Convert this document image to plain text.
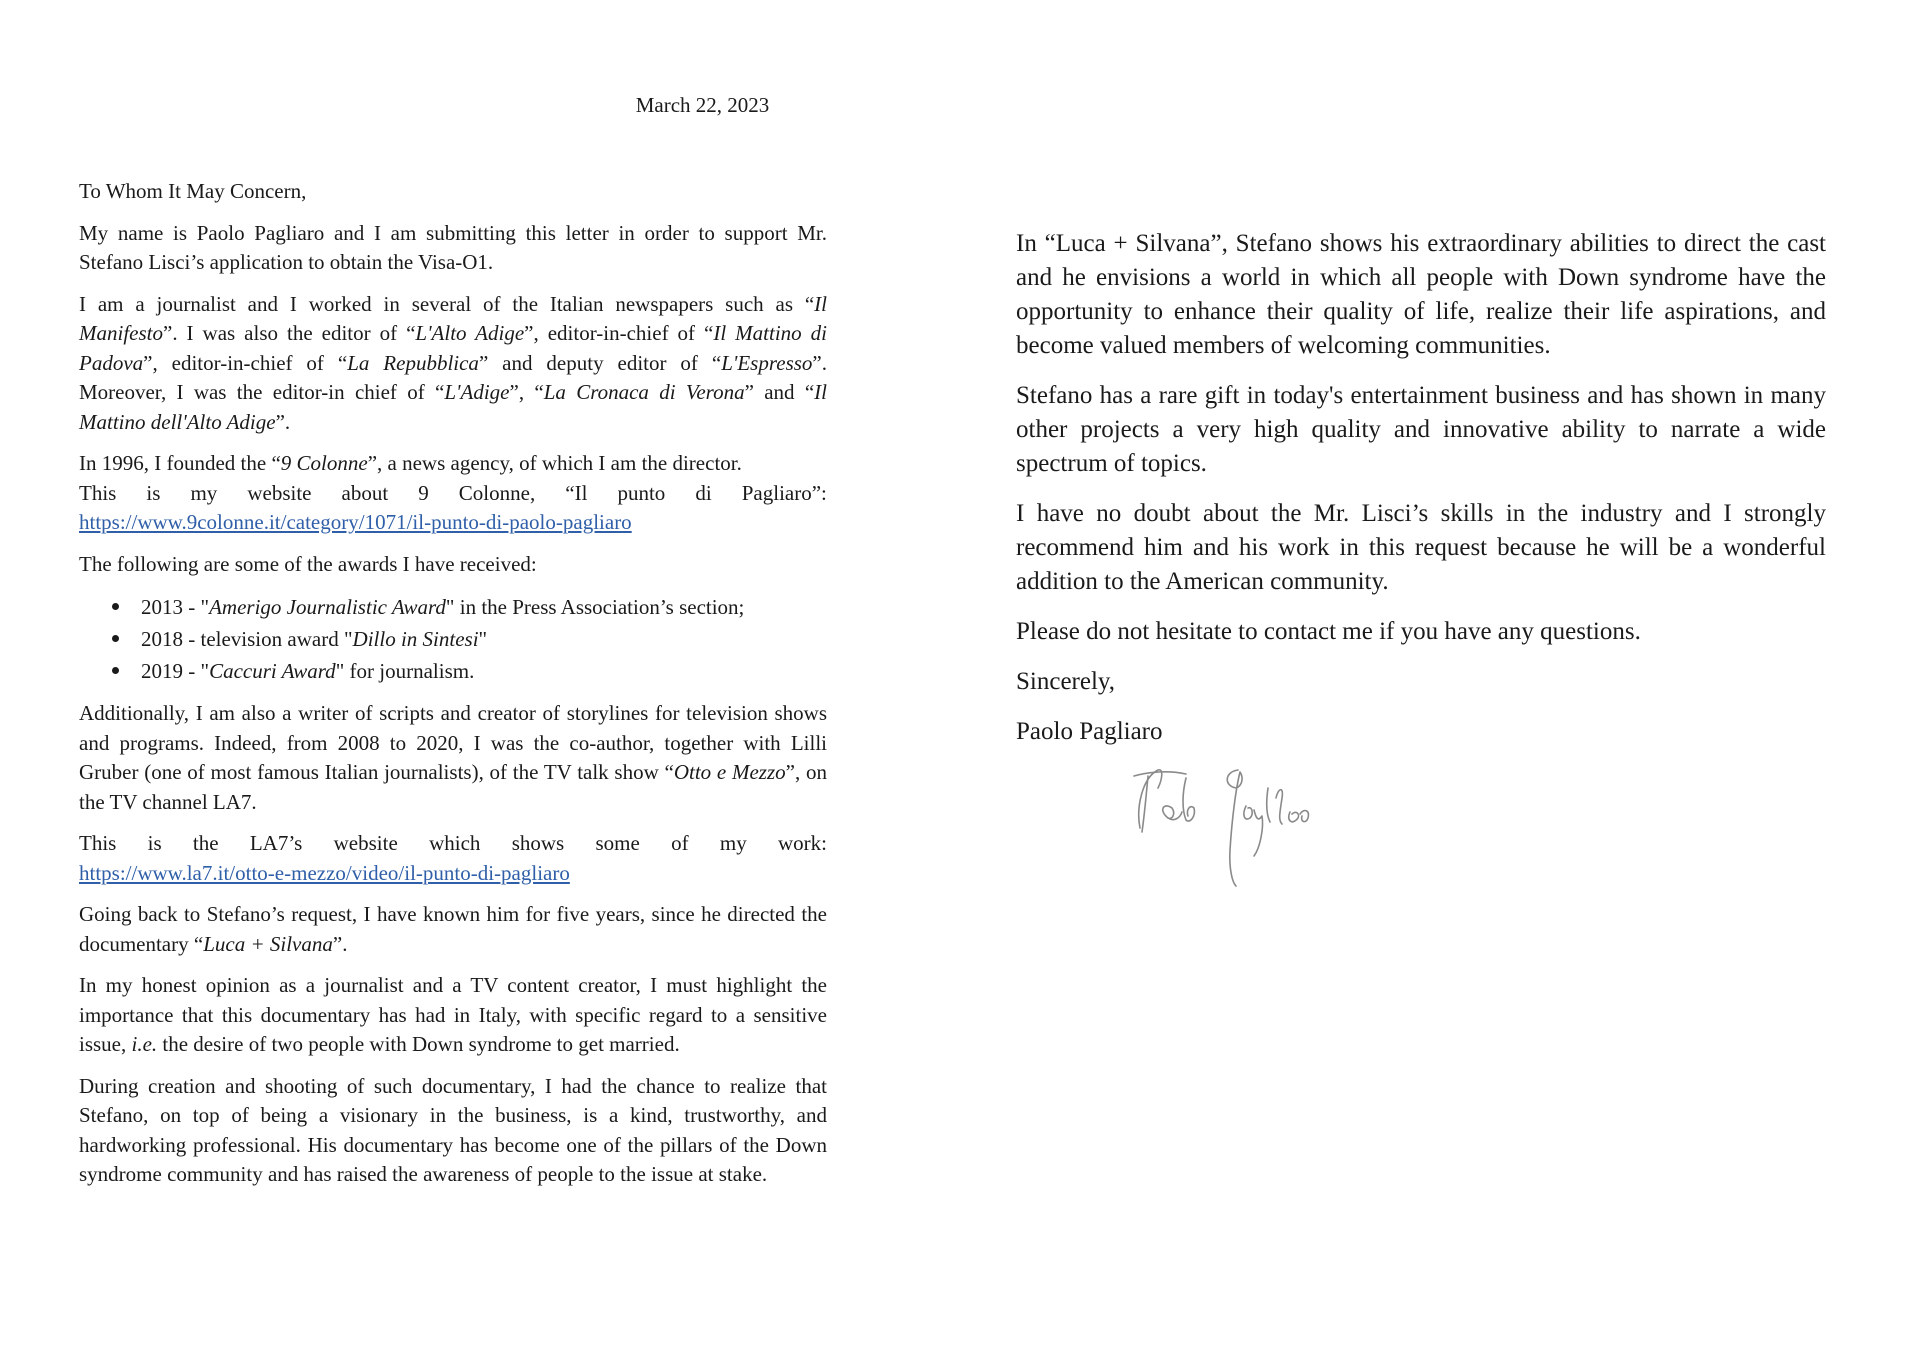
March 22, 2023

To Whom It May Concern,

My name is Paolo Pagliaro and I am submitting this letter in order to support Mr. Stefano Lisci’s application to obtain the Visa-O1.

I am a journalist and I worked in several of the Italian newspapers such as “Il Manifesto”. I was also the editor of “L'Alto Adige”, editor-in-chief of “Il Mattino di Padova”, editor-in-chief of “La Repubblica” and deputy editor of “L'Espresso”. Moreover, I was the editor-in chief of “L'Adige”, “La Cronaca di Verona” and “Il Mattino dell'Alto Adige”.

In 1996, I founded the “9 Colonne”, a news agency, of which I am the director.

This is my website about 9 Colonne, “Il punto di Pagliaro”:

https://www.9colonne.it/category/1071/il-punto-di-paolo-pagliaro

The following are some of the awards I have received:

2013 - "Amerigo Journalistic Award" in the Press Association’s section;
2018 - television award "Dillo in Sintesi"
2019 - "Caccuri Award" for journalism.

Additionally, I am also a writer of scripts and creator of storylines for television shows and programs. Indeed, from 2008 to 2020, I was the co-author, together with Lilli Gruber (one of most famous Italian journalists), of the TV talk show “Otto e Mezzo”, on the TV channel LA7.

This is the LA7’s website which shows some of my work:

https://www.la7.it/otto-e-mezzo/video/il-punto-di-pagliaro

Going back to Stefano’s request, I have known him for five years, since he directed the documentary “Luca + Silvana”.

In my honest opinion as a journalist and a TV content creator, I must highlight the importance that this documentary has had in Italy, with specific regard to a sensitive issue, i.e. the desire of two people with Down syndrome to get married.

During creation and shooting of such documentary, I had the chance to realize that Stefano, on top of being a visionary in the business, is a kind, trustworthy, and hardworking professional. His documentary has become one of the pillars of the Down syndrome community and has raised the awareness of people to the issue at stake.

In “Luca + Silvana”, Stefano shows his extraordinary abilities to direct the cast and he envisions a world in which all people with Down syndrome have the opportunity to enhance their quality of life, realize their life aspirations, and become valued members of welcoming communities.

Stefano has a rare gift in today's entertainment business and has shown in many other projects a very high quality and innovative ability to narrate a wide spectrum of topics.

I have no doubt about the Mr. Lisci’s skills in the industry and I strongly recommend him and his work in this request because he will be a wonderful addition to the American community.

Please do not hesitate to contact me if you have any questions.

Sincerely,

Paolo Pagliaro
